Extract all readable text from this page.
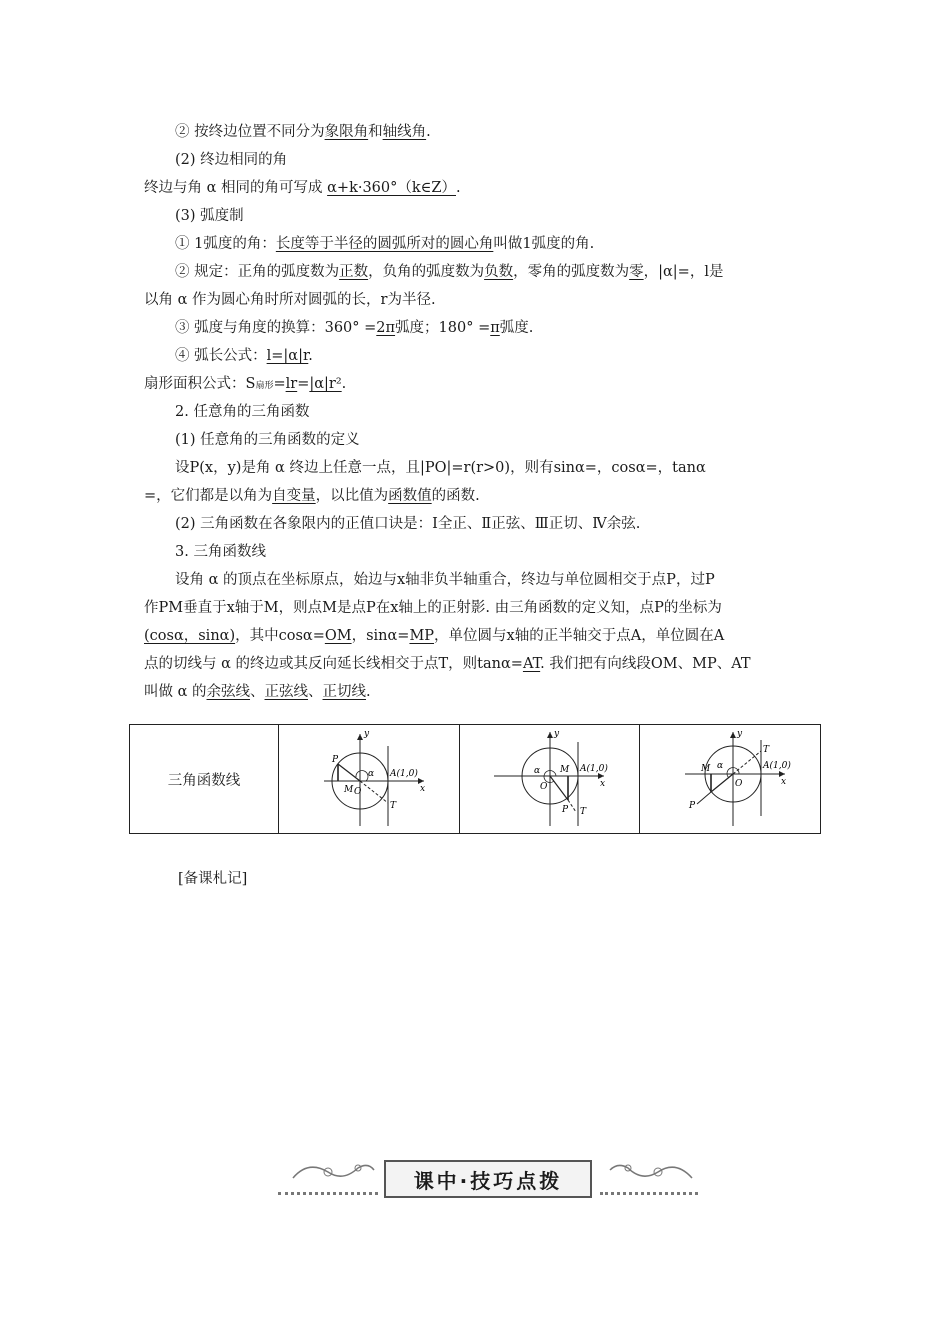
② 按终边位置不同分为象限角和轴线角.
(2) 终边相同的角
终边与角 α 相同的角可写成 α+k·360°（k∈Z）.
(3) 弧度制
① 1弧度的角：长度等于半径的圆弧所对的圆心角叫做1弧度的角.
② 规定：正角的弧度数为正数，负角的弧度数为负数，零角的弧度数为零，|α|=，l是
以角 α 作为圆心角时所对圆弧的长，r为半径.
③ 弧度与角度的换算：360° =2π弧度；180° =π弧度.
④ 弧长公式：l=|α|r.
扇形面积公式：S扇形=lr=|α|r².
2. 任意角的三角函数
(1) 任意角的三角函数的定义
设P(x，y)是角 α 终边上任意一点，且|PO|=r(r>0)，则有sinα=，cosα=，tanα
=，它们都是以角为自变量，以比值为函数值的函数.
(2) 三角函数在各象限内的正值口诀是：Ⅰ全正、Ⅱ正弦、Ⅲ正切、Ⅳ余弦.
3. 三角函数线
设角 α 的顶点在坐标原点，始边与x轴非负半轴重合，终边与单位圆相交于点P，过P
作PM垂直于x轴于M，则点M是点P在x轴上的正射影. 由三角函数的定义知，点P的坐标为
(cosα，sinα)，其中cosα=OM，sinα=MP，单位圆与x轴的正半轴交于点A，单位圆在A
点的切线与 α 的终边或其反向延长线相交于点T，则tanα=AT. 我们把有向线段OM、MP、AT
叫做 α 的余弦线、正弦线、正切线.
三角函数线	
y
x
A(1,0)
P
M O
α
T

y
x
A(1,0)
M
O
α
P T

y
x
A(1,0)
T
M
O
α
P
[备课札记]
课中·技巧点拨
